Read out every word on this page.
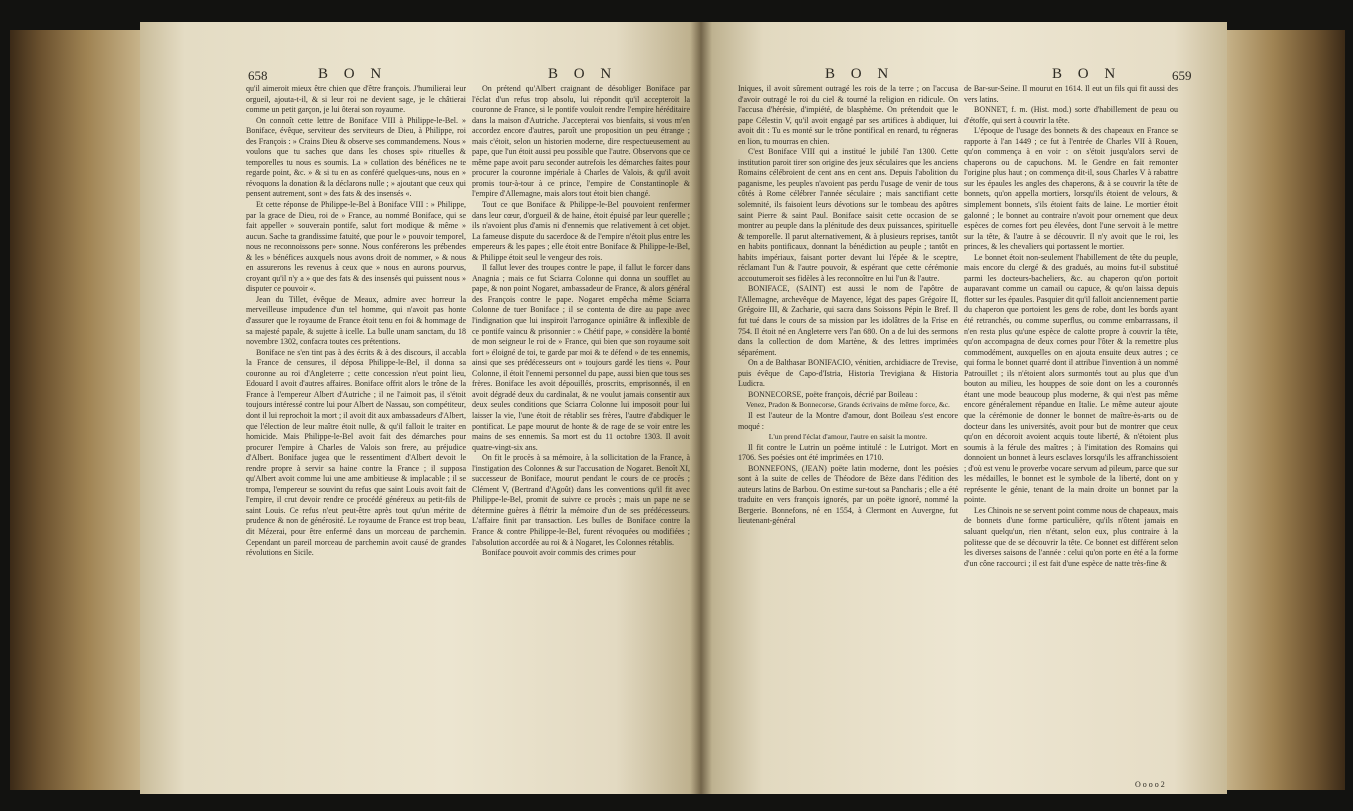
658	B O N	B O N

qu'il aimeroit mieux être chien que d'être françois. J'humilierai leur orgueil, ajouta-t-il, & si leur roi ne devient sage, je le châtierai comme un petit garçon, je lui ôterai son royaume.

On connoît cette lettre de Boniface VIII à Philippe-le-Bel. » Boniface, évêque, serviteur des serviteurs de Dieu, à Philippe, roi des François : » Crains Dieu & observe ses commandemens. Nous » voulons que tu saches que dans les choses spi» rituelles & temporelles tu nous es soumis. La » collation des bénéfices ne te regarde point, &c. » & si tu en as conféré quelques-uns, nous en » révoquons la donation & la déclarons nulle ; » ajoutant que ceux qui pensent autrement, sont » des fats & des insensés «.

Et cette réponse de Philippe-le-Bel à Boniface VIII : » Philippe, par la grace de Dieu, roi de » France, au nommé Boniface, qui se fait appeller » souverain pontife, salut fort modique & même » aucun. Sache ta grandissime fatuité, que pour le » pouvoir temporel, nous ne reconnoissons per» sonne. Nous conférerons les prébendes & les » bénéfices auxquels nous avons droit de nommer, » & nous en assurerons les revenus à ceux que » nous en aurons pourvus, croyant qu'il n'y a » que des fats & des insensés qui puissent nous » disputer ce pouvoir «.

Jean du Tillet, évêque de Meaux, admire avec horreur la merveilleuse impudence d'un tel homme, qui n'avoit pas honte d'assurer que le royaume de France étoit tenu en foi & hommage de sa majesté papale, & sujette à icelle. La bulle unam sanctam, du 18 novembre 1302, confacra toutes ces prétentions.

Boniface ne s'en tint pas à des écrits & à des discours, il accabla la France de censures, il déposa Philippe-le-Bel, il donna sa couronne au roi d'Angleterre ; cette concession n'eut point lieu, Edouard I avoit d'autres affaires. Boniface offrit alors le trône de la France à l'empereur Albert d'Autriche ; il ne l'aimoit pas, il s'étoit toujours intéressé contre lui pour Albert de Nassau, son compétiteur, dont il lui reprochoit la mort ; il avoit dit aux ambassadeurs d'Albert, que l'élection de leur maître étoit nulle, & qu'il falloit le traiter en homicide. Mais Philippe-le-Bel avoit fait des démarches pour procurer l'empire à Charles de Valois son frere, au préjudice d'Albert. Boniface jugea que le ressentiment d'Albert devoit le rendre propre à servir sa haine contre la France ; il supposa qu'Albert avoit comme lui une ame ambitieuse & implacable ; il se trompa, l'empereur se souvint du refus que saint Louis avoit fait de l'empire, il crut devoir rendre ce procédé généreux au petit-fils de saint Louis. Ce refus n'eut peut-être après tout qu'un mérite de prudence & non de générosité. Le royaume de France est trop beau, dit Mézerai, pour être enfermé dans un morceau de parchemin. Cependant un pareil morceau de parchemin avoit causé de grandes révolutions en Sicile.

On prétend qu'Albert craignant de désobliger Boniface par l'éclat d'un refus trop absolu, lui répondit qu'il accepteroit la couronne de France, si le pontife vouloit rendre l'empire héréditaire dans la maison d'Autriche. J'accepterai vos bienfaits, si vous m'en accordez encore d'autres, paroît une proposition un peu étrange ; mais c'étoit, selon un historien moderne, dire respectueusement au pape, que l'un étoit aussi peu possible que l'autre. Observons que ce même pape avoit paru seconder autrefois les démarches faites pour procurer la couronne impériale à Charles de Valois, & qu'il avoit promis tour-à-tour à ce prince, l'empire de Constantinople & l'empire d'Allemagne, mais alors tout étoit bien changé.

Tout ce que Boniface & Philippe-le-Bel pouvoient renfermer dans leur cœur, d'orgueil & de haine, étoit épuisé par leur querelle ; ils n'avoient plus d'amis ni d'ennemis que relativement à cet objet. La fameuse dispute du sacerdoce & de l'empire n'étoit plus entre les empereurs & les papes ; elle étoit entre Boniface & Philippe-le-Bel, & Philippe étoit seul le vengeur des rois.

Il fallut lever des troupes contre le pape, il fallut le forcer dans Anagnia ; mais ce fut Sciarra Colonne qui donna un soufflet au pape, & non point Nogaret, ambassadeur de France, & alors général des François contre le pape. Nogaret empêcha même Sciarra Colonne de tuer Boniface ; il se contenta de dire au pape avec l'indignation que lui inspiroit l'arrogance opiniâtre & inflexible de ce pontife vaincu & prisonnier : » Chétif pape, » considère la bonté de mon seigneur le roi de » France, qui bien que son royaume soit fort » éloigné de toi, te garde par moi & te défend » de tes ennemis, ainsi que ses prédécesseurs ont » toujours gardé les tiens «. Pour Colonne, il étoit l'ennemi personnel du pape, aussi bien que tous ses frères. Boniface les avoit dépouillés, proscrits, emprisonnés, il en avoit dégradé deux du cardinalat, & ne voulut jamais consentir aux deux seules conditions que Sciarra Colonne lui imposoit pour lui laisser la vie, l'une étoit de rétablir ses frères, l'autre d'abdiquer le pontificat. Le pape mourut de honte & de rage de se voir entre les mains de ses ennemis. Sa mort est du 11 octobre 1303. Il avoit quatre-vingt-six ans.

On fit le procès à sa mémoire, à la sollicitation de la France, à l'instigation des Colonnes & sur l'accusation de Nogaret. Benoît XI, successeur de Boniface, mourut pendant le cours de ce procès ; Clément V, (Bertrand d'Agoût) dans les conventions qu'il fit avec Philippe-le-Bel, promit de suivre ce procès ; mais un pape ne se détermine guères à flétrir la mémoire d'un de ses prédécesseurs. L'affaire finit par transaction. Les bulles de Boniface contre la France & contre Philippe-le-Bel, furent révoquées ou modifiées ; l'absolution accordée au roi & à Nogaret, les Colonnes rétablis.

Boniface pouvoit avoir commis des crimes pour

B O N	B O N	659

Iniques, il avoit sûrement outragé les rois de la terre ; on l'accusa d'avoir outragé le roi du ciel & tourné la religion en ridicule. On l'accusa d'hérésie, d'impiété, de blasphème. On prétendoit que le pape Célestin V, qu'il avoit engagé par ses artifices à abdiquer, lui avoit dit : Tu es monté sur le trône pontifical en renard, tu régneras en lion, tu mourras en chien.

C'est Boniface VIII qui a institué le jubilé l'an 1300. Cette institution paroit tirer son origine des jeux séculaires que les anciens Romains célébroient de cent ans en cent ans. Depuis l'abolition du paganisme, les peuples n'avoient pas perdu l'usage de venir de tous côtés à Rome célébrer l'année séculaire ; mais sanctifiant cette solemnité, ils faisoient leurs dévotions sur le tombeau des apôtres saint Pierre & saint Paul. Boniface saisit cette occasion de se montrer au peuple dans la plénitude des deux puissances, spirituelle & temporelle. Il parut alternativement, & à plusieurs reprises, tantôt en habits pontificaux, donnant la bénédiction au peuple ; tantôt en habits impériaux, faisant porter devant lui l'épée & le sceptre, réclamant l'un & l'autre pouvoir, & espérant que cette cérémonie accoutumeroit ses fidèles à les reconnoître en lui l'un & l'autre.

BONIFACE, (SAINT) est aussi le nom de l'apôtre de l'Allemagne, archevêque de Mayence, légat des papes Grégoire II, Grégoire III, & Zacharie, qui sacra dans Soissons Pépin le Bref. Il fut tué dans le cours de sa mission par les idolâtres de la Frise en 754. Il étoit né en Angleterre vers l'an 680. On a de lui des sermons dans la collection de dom Martène, & des lettres imprimées séparément.

On a de Balthasar BONIFACIO, vénitien, archidiacre de Trevise, puis évêque de Capo-d'Istria, Historia Trevigiana & Historia Ludicra.

BONNECORSE, poëte françois, décrié par Boileau :

Venez, Pradon & Bonnecorse, Grands écrivains de même force, &c.

Il est l'auteur de la Montre d'amour, dont Boileau s'est encore moqué :

L'un prend l'éclat d'amour, l'autre en saisit la montre.

Il fit contre le Lutrin un poëme intitulé : le Lutrigot. Mort en 1706. Ses poésies ont été imprimées en 1710.

BONNEFONS, (JEAN) poëte latin moderne, dont les poésies sont à la suite de celles de Théodore de Bèze dans l'édition des auteurs latins de Barbou. On estime sur-tout sa Pancharis ; elle a été traduite en vers françois ignorés, par un poëte ignoré, nommé la Bergerie. Bonnefons, né en 1554, à Clermont en Auvergne, fut lieutenant-général

de Bar-sur-Seine. Il mourut en 1614. Il eut un fils qui fit aussi des vers latins.

BONNET, f. m. (Hist. mod.) sorte d'habillement de peau ou d'étoffe, qui sert à couvrir la tête.

L'époque de l'usage des bonnets & des chapeaux en France se rapporte à l'an 1449 ; ce fut à l'entrée de Charles VII à Rouen, qu'on commença à en voir : on s'étoit jusqu'alors servi de chaperons ou de capuchons. M. le Gendre en fait remonter l'origine plus haut ; on commença dit-il, sous Charles V à rabattre sur les épaules les angles des chaperons, & à se couvrir la tête de bonnets, qu'on appella mortiers, lorsqu'ils étoient de velours, & simplement bonnets, s'ils étoient faits de laine. Le mortier étoit galonné ; le bonnet au contraire n'avoit pour ornement que deux espèces de cornes fort peu élevées, dont l'une servoit à le mettre sur la tête, & l'autre à se découvrir. Il n'y avoit que le roi, les princes, & les chevaliers qui portassent le mortier.

Le bonnet étoit non-seulement l'habillement de tête du peuple, mais encore du clergé & des gradués, au moins fut-il substitué parmi les docteurs-bacheliers, &c. au chaperon qu'on portoit auparavant comme un camail ou capuce, & qu'on laissa depuis flotter sur les épaules. Pasquier dit qu'il falloit anciennement partie du chaperon que portoient les gens de robe, dont les bords ayant été retranchés, ou comme superflus, ou comme embarrassans, il n'en resta plus qu'une espèce de calotte propre à couvrir la tête, qu'on accompagna de deux cornes pour l'ôter & la remettre plus commodément, auxquelles on en ajouta ensuite deux autres ; ce qui forma le bonnet quarré dont il attribue l'invention à un nommé Patrouillet ; ils n'étoient alors surmontés tout au plus que d'un bouton au milieu, les houppes de soie dont on les a couronnés étant une mode beaucoup plus moderne, & qui n'est pas même encore généralement répandue en Italie. Le même auteur ajoute que la cérémonie de donner le bonnet de maître-ès-arts ou de docteur dans les universités, avoit pour but de montrer que ceux qu'on en décoroit avoient acquis toute liberté, & n'étoient plus soumis à la férule des maîtres ; à l'imitation des Romains qui donnoient un bonnet à leurs esclaves lorsqu'ils les affranchissoient ; d'où est venu le proverbe vocare servum ad pileum, parce que sur les médailles, le bonnet est le symbole de la liberté, dont on y représente le génie, tenant de la main droite un bonnet par la pointe.

Les Chinois ne se servent point comme nous de chapeaux, mais de bonnets d'une forme particulière, qu'ils n'ôtent jamais en saluant quelqu'un, rien n'étant, selon eux, plus contraire à la politesse que de se découvrir la tête. Ce bonnet est différent selon les diverses saisons de l'année : celui qu'on porte en été a la forme d'un cône raccourci ; il est fait d'une espèce de natte très-fine &

O o o o 2
